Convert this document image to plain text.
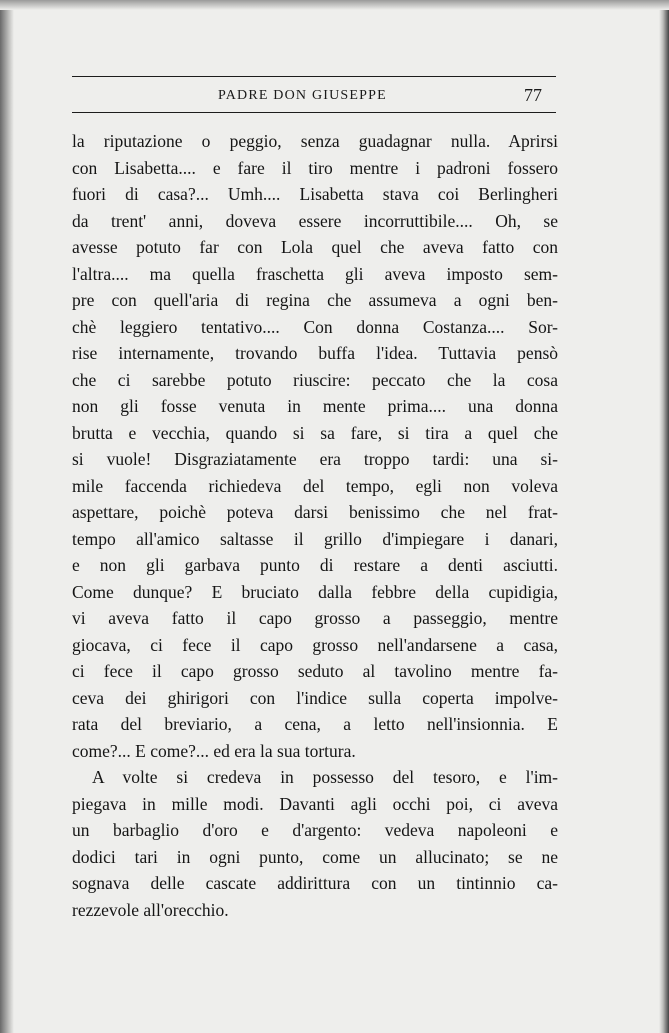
PADRE DON GIUSEPPE	77
la riputazione o peggio, senza guadagnar nulla. Aprirsi
con Lisabetta.... e fare il tiro mentre i padroni fossero
fuori di casa?... Umh.... Lisabetta stava coi Berlingheri
da trent' anni, doveva essere incorruttibile.... Oh, se
avesse potuto far con Lola quel che aveva fatto con
l'altra.... ma quella fraschetta gli aveva imposto sem-
pre con quell'aria di regina che assumeva a ogni ben-
chè leggiero tentativo.... Con donna Costanza.... Sor-
rise internamente, trovando buffa l'idea. Tuttavia pensò
che ci sarebbe potuto riuscire: peccato che la cosa
non gli fosse venuta in mente prima.... una donna
brutta e vecchia, quando si sa fare, si tira a quel che
si vuole! Disgraziatamente era troppo tardi: una si-
mile faccenda richiedeva del tempo, egli non voleva
aspettare, poichè poteva darsi benissimo che nel frat-
tempo all'amico saltasse il grillo d'impiegare i danari,
e non gli garbava punto di restare a denti asciutti.
Come dunque? E bruciato dalla febbre della cupidigia,
vi aveva fatto il capo grosso a passeggio, mentre
giocava, ci fece il capo grosso nell'andarsene a casa,
ci fece il capo grosso seduto al tavolino mentre fa-
ceva dei ghirigori con l'indice sulla coperta impolve-
rata del breviario, a cena, a letto nell'insionnia. E
come?... E come?... ed era la sua tortura.
A volte si credeva in possesso del tesoro, e l'im-
piegava in mille modi. Davanti agli occhi poi, ci aveva
un barbaglio d'oro e d'argento: vedeva napoleoni e
dodici tari in ogni punto, come un allucinato; se ne
sognava delle cascate addirittura con un tintinnio ca-
rezzevole all'orecchio.
